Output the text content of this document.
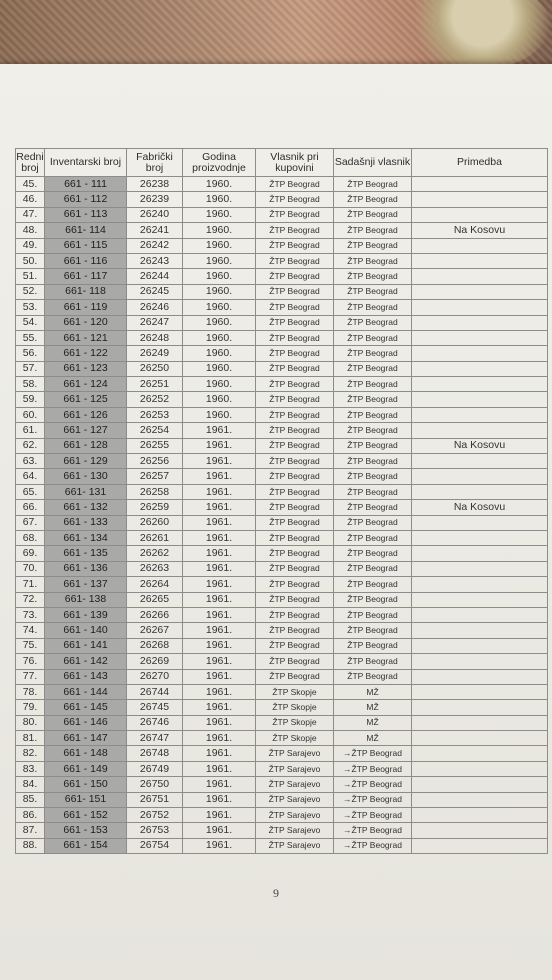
Redni broj	Inventarski broj	Fabrički broj	Godina proizvodnje	Vlasnik pri kupovini	Sadašnji vlasnik	Primedba
45.	661 - 111	26238	1960.	ŽTP Beograd	ŽTP Beograd	
46.	661 - 112	26239	1960.	ŽTP Beograd	ŽTP Beograd	
47.	661 - 113	26240	1960.	ŽTP Beograd	ŽTP Beograd	
48.	661- 114	26241	1960.	ŽTP Beograd	ŽTP Beograd	Na Kosovu
49.	661 - 115	26242	1960.	ŽTP Beograd	ŽTP Beograd	
50.	661 - 116	26243	1960.	ŽTP Beograd	ŽTP Beograd	
51.	661 - 117	26244	1960.	ŽTP Beograd	ŽTP Beograd	
52.	661- 118	26245	1960.	ŽTP Beograd	ŽTP Beograd	
53.	661 - 119	26246	1960.	ŽTP Beograd	ŽTP Beograd	
54.	661 - 120	26247	1960.	ŽTP Beograd	ŽTP Beograd	
55.	661 - 121	26248	1960.	ŽTP Beograd	ŽTP Beograd	
56.	661 - 122	26249	1960.	ŽTP Beograd	ŽTP Beograd	
57.	661 - 123	26250	1960.	ŽTP Beograd	ŽTP Beograd	
58.	661 - 124	26251	1960.	ŽTP Beograd	ŽTP Beograd	
59.	661 - 125	26252	1960.	ŽTP Beograd	ŽTP Beograd	
60.	661 - 126	26253	1960.	ŽTP Beograd	ŽTP Beograd	
61.	661 - 127	26254	1961.	ŽTP Beograd	ŽTP Beograd	
62.	661 - 128	26255	1961.	ŽTP Beograd	ŽTP Beograd	Na Kosovu
63.	661 - 129	26256	1961.	ŽTP Beograd	ŽTP Beograd	
64.	661 - 130	26257	1961.	ŽTP Beograd	ŽTP Beograd	
65.	661- 131	26258	1961.	ŽTP Beograd	ŽTP Beograd	
66.	661 - 132	26259	1961.	ŽTP Beograd	ŽTP Beograd	Na Kosovu
67.	661 - 133	26260	1961.	ŽTP Beograd	ŽTP Beograd	
68.	661 - 134	26261	1961.	ŽTP Beograd	ŽTP Beograd	
69.	661 - 135	26262	1961.	ŽTP Beograd	ŽTP Beograd	
70.	661 - 136	26263	1961.	ŽTP Beograd	ŽTP Beograd	
71.	661 - 137	26264	1961.	ŽTP Beograd	ŽTP Beograd	
72.	661- 138	26265	1961.	ŽTP Beograd	ŽTP Beograd	
73.	661 - 139	26266	1961.	ŽTP Beograd	ŽTP Beograd	
74.	661 - 140	26267	1961.	ŽTP Beograd	ŽTP Beograd	
75.	661 - 141	26268	1961.	ŽTP Beograd	ŽTP Beograd	
76.	661 - 142	26269	1961.	ŽTP Beograd	ŽTP Beograd	
77.	661 - 143	26270	1961.	ŽTP Beograd	ŽTP Beograd	
78.	661 - 144	26744	1961.	ŽTP Skopje	MŽ	
79.	661 - 145	26745	1961.	ŽTP Skopje	MŽ	
80.	661 - 146	26746	1961.	ŽTP Skopje	MŽ	
81.	661 - 147	26747	1961.	ŽTP Skopje	MŽ	
82.	661 - 148	26748	1961.	ŽTP Sarajevo	→ŽTP Beograd	
83.	661 - 149	26749	1961.	ŽTP Sarajevo	→ŽTP Beograd	
84.	661 - 150	26750	1961.	ŽTP Sarajevo	→ŽTP Beograd	
85.	661- 151	26751	1961.	ŽTP Sarajevo	→ŽTP Beograd	
86.	661 - 152	26752	1961.	ŽTP Sarajevo	→ŽTP Beograd	
87.	661 - 153	26753	1961.	ŽTP Sarajevo	→ŽTP Beograd	
88.	661 - 154	26754	1961.	ŽTP Sarajevo	→ŽTP Beograd	
9
